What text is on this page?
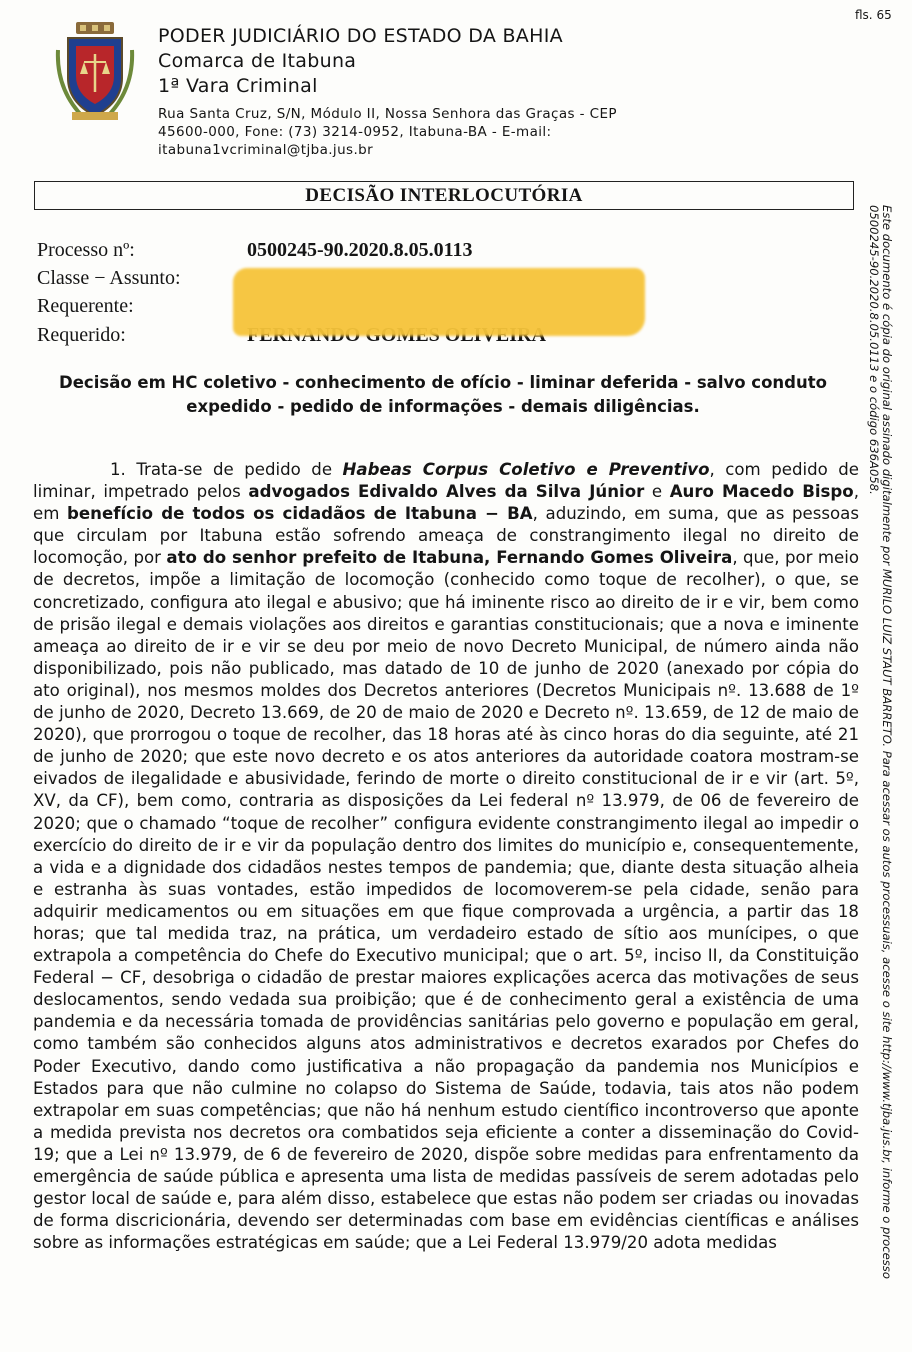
fls. 65
PODER JUDICIÁRIO DO ESTADO DA BAHIA
Comarca de Itabuna
1ª Vara Criminal
Rua Santa Cruz, S/N, Módulo II, Nossa Senhora das Graças - CEP
45600-000, Fone: (73) 3214-0952, Itabuna-BA - E-mail:
itabuna1vcriminal@tjba.jus.br
DECISÃO INTERLOCUTÓRIA
Processo nº:	0500245-90.2020.8.05.0113
Classe − Assunto:
Requerente:
Requerido:
Decisão em HC coletivo - conhecimento de ofício - liminar deferida - salvo conduto expedido - pedido de informações - demais diligências.
1. Trata-se de pedido de Habeas Corpus Coletivo e Preventivo, com pedido de liminar, impetrado pelos advogados Edivaldo Alves da Silva Júnior e Auro Macedo Bispo, em benefício de todos os cidadãos de Itabuna − BA, aduzindo, em suma, que as pessoas que circulam por Itabuna estão sofrendo ameaça de constrangimento ilegal no direito de locomoção, por ato do senhor prefeito de Itabuna, Fernando Gomes Oliveira, que, por meio de decretos, impõe a limitação de locomoção (conhecido como toque de recolher), o que, se concretizado, configura ato ilegal e abusivo; que há iminente risco ao direito de ir e vir, bem como de prisão ilegal e demais violações aos direitos e garantias constitucionais; que a nova e iminente ameaça ao direito de ir e vir se deu por meio de novo Decreto Municipal, de número ainda não disponibilizado, pois não publicado, mas datado de 10 de junho de 2020 (anexado por cópia do ato original), nos mesmos moldes dos Decretos anteriores (Decretos Municipais nº. 13.688 de 1º de junho de 2020, Decreto 13.669, de 20 de maio de 2020 e Decreto nº. 13.659, de 12 de maio de 2020), que prorrogou o toque de recolher, das 18 horas até às cinco horas do dia seguinte, até 21 de junho de 2020; que este novo decreto e os atos anteriores da autoridade coatora mostram-se eivados de ilegalidade e abusividade, ferindo de morte o direito constitucional de ir e vir (art. 5º, XV, da CF), bem como, contraria as disposições da Lei federal nº 13.979, de 06 de fevereiro de 2020; que o chamado “toque de recolher” configura evidente constrangimento ilegal ao impedir o exercício do direito de ir e vir da população dentro dos limites do município e, consequentemente, a vida e a dignidade dos cidadãos nestes tempos de pandemia; que, diante desta situação alheia e estranha às suas vontades, estão impedidos de locomoverem-se pela cidade, senão para adquirir medicamentos ou em situações em que fique comprovada a urgência, a partir das 18 horas; que tal medida traz, na prática, um verdadeiro estado de sítio aos munícipes, o que extrapola a competência do Chefe do Executivo municipal; que o art. 5º, inciso II, da Constituição Federal − CF, desobriga o cidadão de prestar maiores explicações acerca das motivações de seus deslocamentos, sendo vedada sua proibição; que é de conhecimento geral a existência de uma pandemia e da necessária tomada de providências sanitárias pelo governo e população em geral, como também são conhecidos alguns atos administrativos e decretos exarados por Chefes do Poder Executivo, dando como justificativa a não propagação da pandemia nos Municípios e Estados para que não culmine no colapso do Sistema de Saúde, todavia, tais atos não podem extrapolar em suas competências; que não há nenhum estudo científico incontroverso que aponte a medida prevista nos decretos ora combatidos seja eficiente a conter a disseminação do Covid-19; que a Lei nº 13.979, de 6 de fevereiro de 2020, dispõe sobre medidas para enfrentamento da emergência de saúde pública e apresenta uma lista de medidas passíveis de serem adotadas pelo gestor local de saúde e, para além disso, estabelece que estas não podem ser criadas ou inovadas de forma discricionária, devendo ser determinadas com base em evidências científicas e análises sobre as informações estratégicas em saúde; que a Lei Federal 13.979/20 adota medidas	Este documento é cópia do original assinado digitalmente por MURILO LUIZ STAUT BARRETO. Para acessar os autos processuais, acesse o site http://www.tjba.jus.br, informe o processo
0500245-90.2020.8.05.0113 e o código 636A058.
